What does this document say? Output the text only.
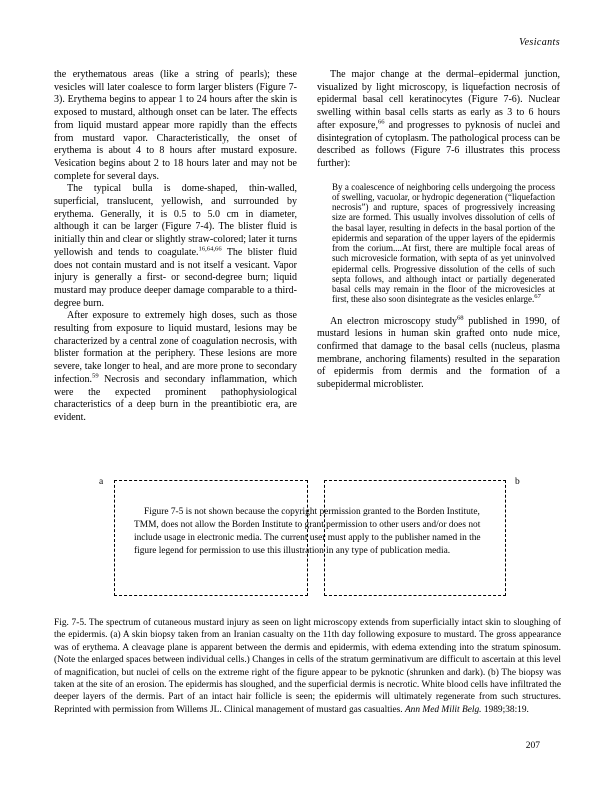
Vesicants

the erythematous areas (like a string of pearls); these vesicles will later coalesce to form larger blisters (Figure 7-3). Erythema begins to appear 1 to 24 hours after the skin is exposed to mustard, although onset can be later. The effects from liquid mustard appear more rapidly than the effects from mustard vapor. Characteristically, the onset of erythema is about 4 to 8 hours after mustard exposure. Vesication begins about 2 to 18 hours later and may not be complete for several days.

The typical bulla is dome-shaped, thin-walled, superficial, translucent, yellowish, and surrounded by erythema. Generally, it is 0.5 to 5.0 cm in diameter, although it can be larger (Figure 7-4). The blister fluid is initially thin and clear or slightly straw-colored; later it turns yellowish and tends to coagulate.$^{16,64,66}$ The blister fluid does not contain mustard and is not itself a vesicant. Vapor injury is generally a first- or second-degree burn; liquid mustard may produce deeper damage comparable to a third-degree burn.

After exposure to extremely high doses, such as those resulting from exposure to liquid mustard, lesions may be characterized by a central zone of coagulation necrosis, with blister formation at the periphery. These lesions are more severe, take longer to heal, and are more prone to secondary infection.$^{59}$ Necrosis and secondary inflammation, which were the expected prominent pathophysiological characteristics of a deep burn in the preantibiotic era, are evident.

The major change at the dermal–epidermal junction, visualized by light microscopy, is liquefaction necrosis of epidermal basal cell keratinocytes (Figure 7-6). Nuclear swelling within basal cells starts as early as 3 to 6 hours after exposure,$^{66}$ and progresses to pyknosis of nuclei and disintegration of cytoplasm. The pathological process can be described as follows (Figure 7-6 illustrates this process further):

By a coalescence of neighboring cells undergoing the process of swelling, vacuolar, or hydropic degeneration (“liquefaction necrosis”) and rupture, spaces of progressively increasing size are formed. This usually involves dissolution of cells of the basal layer, resulting in defects in the basal portion of the epidermis and separation of the upper layers of the epidermis from the corium....At first, there are multiple focal areas of such microvesicle formation, with septa of as yet uninvolved epidermal cells. Progressive dissolution of the cells of such septa follows, and although intact or partially degenerated basal cells may remain in the floor of the microvesicles at first, these also soon disintegrate as the vesicles enlarge.$^{67}$

An electron microscopy study$^{68}$ published in 1990, of mustard lesions in human skin grafted onto nude mice, confirmed that damage to the basal cells (nucleus, plasma membrane, anchoring filaments) resulted in the separation of epidermis from dermis and the formation of a subepidermal microblister.

a	b
Figure 7-5 is not shown because the copyright permission granted to the Borden Institute, TMM, does not allow the Borden Institute to grant permission to other users and/or does not include usage in electronic media. The current user must apply to the publisher named in the figure legend for permission to use this illustration in any type of publication media.
Fig. 7-5. The spectrum of cutaneous mustard injury as seen on light microscopy extends from superficially intact skin to sloughing of the epidermis. (a) A skin biopsy taken from an Iranian casualty on the 11th day following exposure to mustard. The gross appearance was of erythema. A cleavage plane is apparent between the dermis and epidermis, with edema extending into the stratum spinosum. (Note the enlarged spaces between individual cells.) Changes in cells of the stratum germinativum are difficult to ascertain at this level of magnification, but nuclei of cells on the extreme right of the figure appear to be pyknotic (shrunken and dark). (b) The biopsy was taken at the site of an erosion. The epidermis has sloughed, and the superficial dermis is necrotic. White blood cells have infiltrated the deeper layers of the dermis. Part of an intact hair follicle is seen; the epidermis will ultimately regenerate from such structures. Reprinted with permission from Willems JL. Clinical management of mustard gas casualties. Ann Med Milit Belg. 1989;38:19.
207
